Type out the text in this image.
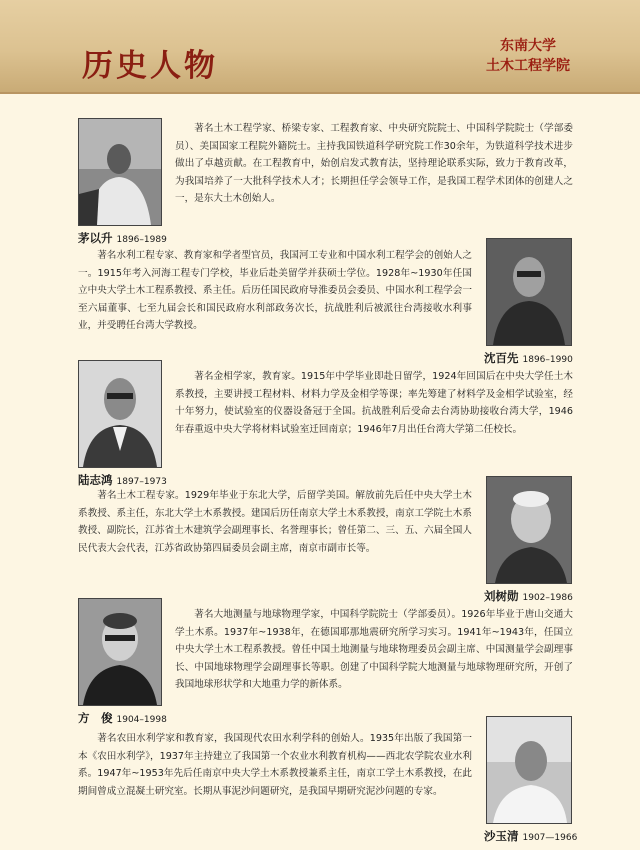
历史人物
东南大学
土木工程学院
茅以升 1896–1989
著名土木工程学家、桥梁专家、工程教育家、中央研究院院士、中国科学院院士（学部委员）、美国国家工程院外籍院士。主持我国铁道科学研究院工作30余年，为铁道科学技术进步做出了卓越贡献。在工程教育中，始创启发式教育法，坚持理论联系实际，致力于教育改革，为我国培养了一大批科学技术人才；长期担任学会领导工作，是我国工程学术团体的创建人之一，是东大土木创始人。
沈百先 1896–1990
著名水利工程专家、教育家和学者型官员，我国河工专业和中国水利工程学会的创始人之一。1915年考入河海工程专门学校，毕业后赴美留学并获硕士学位。1928年~1930年任国立中央大学土木工程系教授、系主任。后历任国民政府导淮委员会委员、中国水利工程学会一至六届董事、七至九届会长和国民政府水利部政务次长，抗战胜利后被派往台湾接收水利事业，并受聘任台湾大学教授。
陆志鸿 1897–1973
著名金相学家，教育家。1915年中学毕业即赴日留学，1924年回国后在中央大学任土木系教授，主要讲授工程材料、材料力学及金相学等课；率先筹建了材料学及金相学试验室，经十年努力，使试验室的仪器设备冠于全国。抗战胜利后受命去台湾协助接收台湾大学，1946年春重返中央大学将材料试验室迁回南京；1946年7月出任台湾大学第二任校长。
刘树勋 1902–1986
著名土木工程专家。1929年毕业于东北大学，后留学美国。解放前先后任中央大学土木系教授、系主任，东北大学土木系教授。建国后历任南京大学土木系教授，南京工学院土木系教授、副院长，江苏省土木建筑学会副理事长、名誉理事长；曾任第二、三、五、六届全国人民代表大会代表，江苏省政协第四届委员会副主席，南京市副市长等。
方　俊 1904–1998
著名大地测量与地球物理学家，中国科学院院士（学部委员）。1926年毕业于唐山交通大学土木系。1937年~1938年，在德国耶那地震研究所学习实习。1941年~1943年，任国立中央大学土木工程系教授。曾任中国土地测量与地球物理委员会副主席、中国测量学会副理事长、中国地球物理学会副理事长等职。创建了中国科学院大地测量与地球物理研究所，开创了我国地球形状学和大地重力学的新体系。
沙玉清 1907—1966
著名农田水利学家和教育家，我国现代农田水利学科的创始人。1935年出版了我国第一本《农田水利学》，1937年主持建立了我国第一个农业水利教育机构——西北农学院农业水利系。1947年~1953年先后任南京中央大学土木系教授兼系主任，南京工学土木系教授，在此期间曾成立混凝土研究室。长期从事泥沙问题研究，是我国早期研究泥沙问题的专家。
